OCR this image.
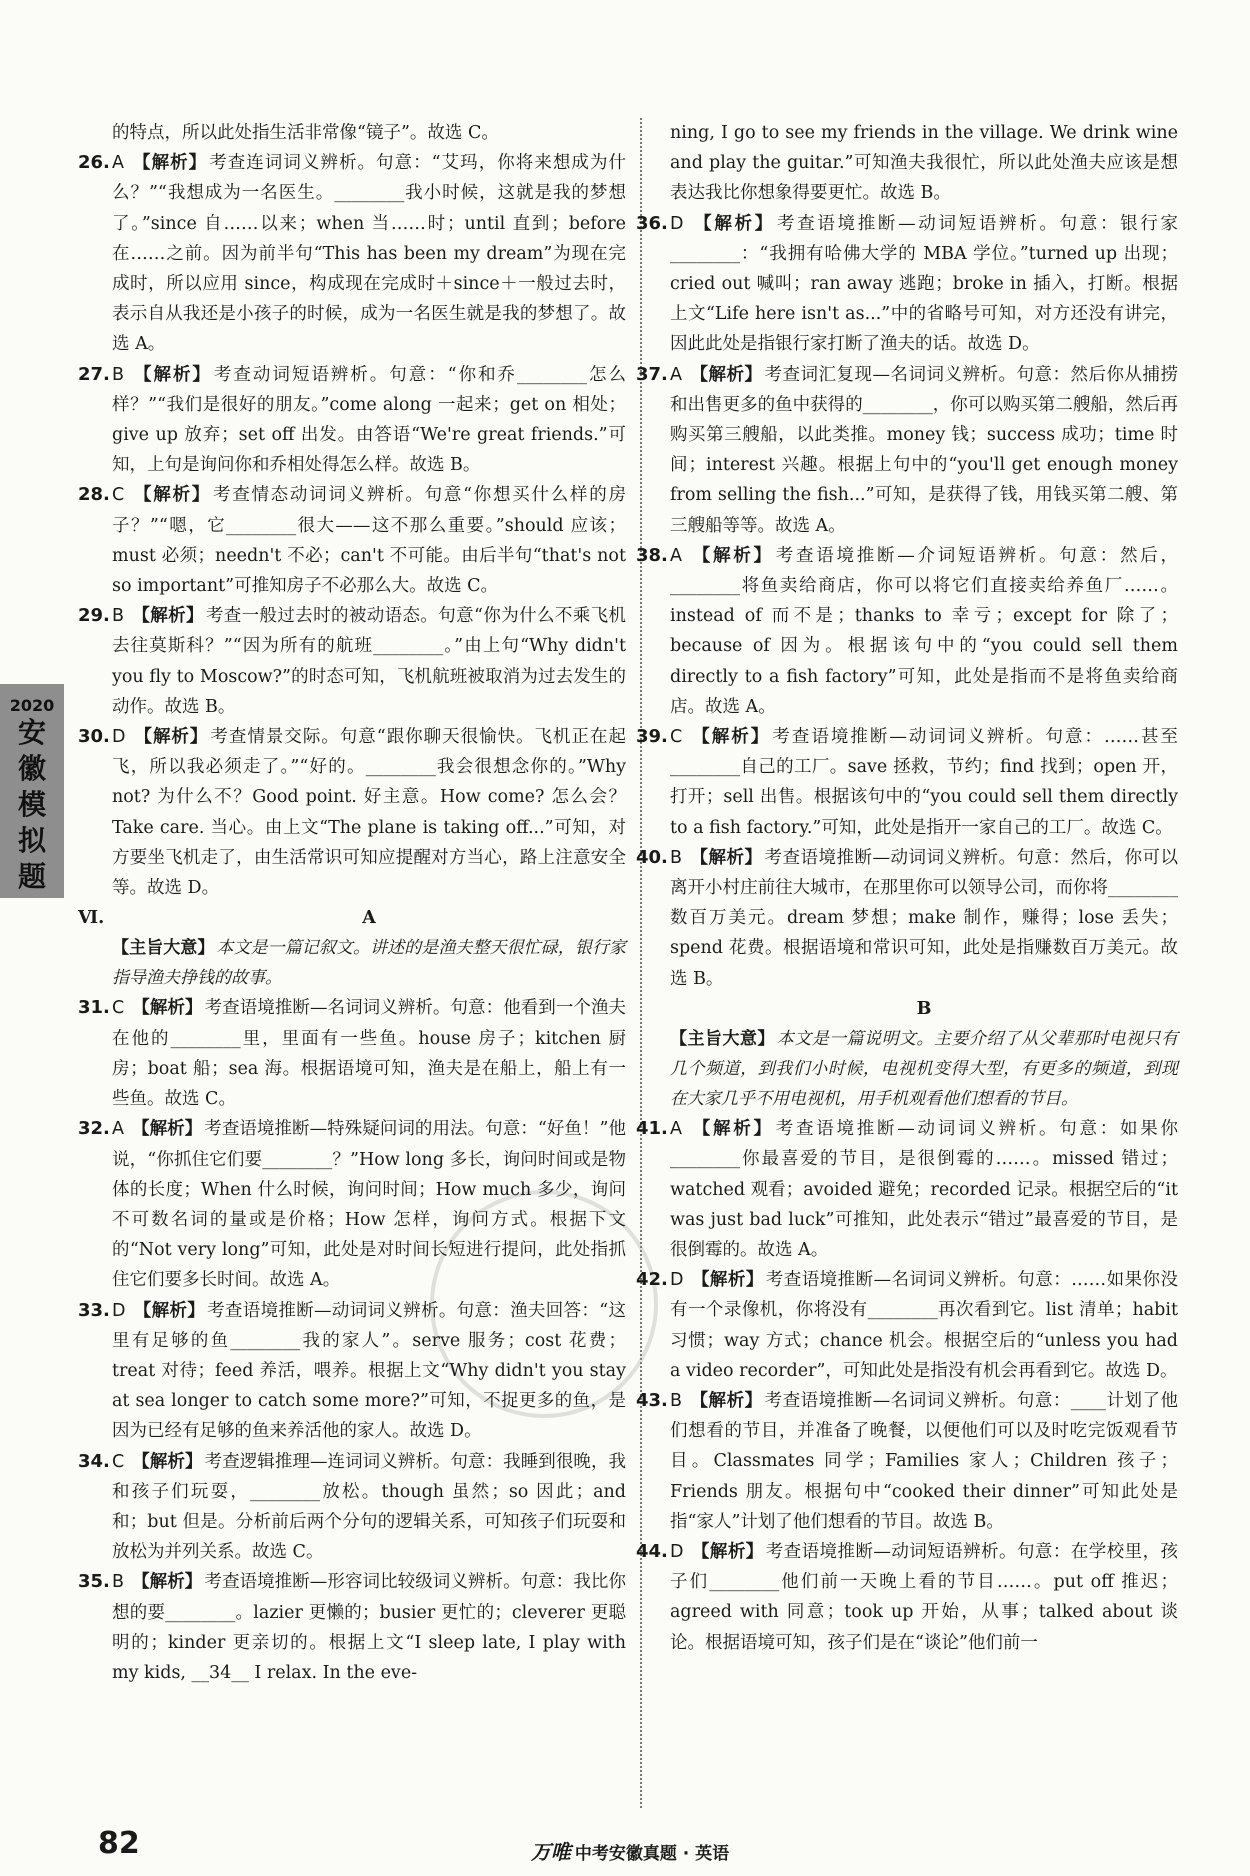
2020
安徽模拟题

的特点，所以此处指生活非常像“镜子”。故选 C。

26. A 【解析】 考查连词词义辨析。句意：“艾玛，你将来想成为什么？”“我想成为一名医生。________我小时候，这就是我的梦想了。”since 自……以来；when 当……时；until 直到；before 在……之前。因为前半句“This has been my dream”为现在完成时，所以应用 since，构成现在完成时＋since＋一般过去时，表示自从我还是小孩子的时候，成为一名医生就是我的梦想了。故选 A。

27. B 【解析】 考查动词短语辨析。句意：“你和乔________怎么样？”“我们是很好的朋友。”come along 一起来；get on 相处；give up 放弃；set off 出发。由答语“We're great friends.”可知，上句是询问你和乔相处得怎么样。故选 B。

28. C 【解析】 考查情态动词词义辨析。句意“你想买什么样的房子？”“嗯，它________很大——这不那么重要。”should 应该；must 必须；needn't 不必；can't 不可能。由后半句“that's not so important”可推知房子不必那么大。故选 C。

29. B 【解析】 考查一般过去时的被动语态。句意“你为什么不乘飞机去往莫斯科？”“因为所有的航班________。”由上句“Why didn't you fly to Moscow?”的时态可知，飞机航班被取消为过去发生的动作。故选 B。

30. D 【解析】 考查情景交际。句意“跟你聊天很愉快。飞机正在起飞，所以我必须走了。”“好的。________我会很想念你的。”Why not? 为什么不？Good point. 好主意。How come? 怎么会？Take care. 当心。由上文“The plane is taking off...”可知，对方要坐飞机走了，由生活常识可知应提醒对方当心，路上注意安全等。故选 D。

Ⅵ.	A

【主旨大意】 本文是一篇记叙文。讲述的是渔夫整天很忙碌，银行家指导渔夫挣钱的故事。

31. C 【解析】 考查语境推断—名词词义辨析。句意：他看到一个渔夫在他的________里，里面有一些鱼。house 房子；kitchen 厨房；boat 船；sea 海。根据语境可知，渔夫是在船上，船上有一些鱼。故选 C。

32. A 【解析】 考查语境推断—特殊疑问词的用法。句意：“好鱼！”他说，“你抓住它们要________？”How long 多长，询问时间或是物体的长度；When 什么时候，询问时间；How much 多少，询问不可数名词的量或是价格；How 怎样，询问方式。根据下文的“Not very long”可知，此处是对时间长短进行提问，此处指抓住它们要多长时间。故选 A。

33. D 【解析】 考查语境推断—动词词义辨析。句意：渔夫回答：“这里有足够的鱼________我的家人”。serve 服务；cost 花费；treat 对待；feed 养活，喂养。根据上文“Why didn't you stay at sea longer to catch some more?”可知，不捉更多的鱼，是因为已经有足够的鱼来养活他的家人。故选 D。

34. C 【解析】 考查逻辑推理—连词词义辨析。句意：我睡到很晚，我和孩子们玩耍，________放松。though 虽然；so 因此；and 和；but 但是。分析前后两个分句的逻辑关系，可知孩子们玩耍和放松为并列关系。故选 C。

35. B 【解析】 考查语境推断—形容词比较级词义辨析。句意：我比你想的要________。lazier 更懒的；busier 更忙的；cleverer 更聪明的；kinder 更亲切的。根据上文“I sleep late, I play with my kids, __34__ I relax. In the eve-

ning, I go to see my friends in the village. We drink wine and play the guitar.”可知渔夫我很忙，所以此处渔夫应该是想表达我比你想象得要更忙。故选 B。

36. D 【解析】 考查语境推断—动词短语辨析。句意：银行家________：“我拥有哈佛大学的 MBA 学位。”turned up 出现；cried out 喊叫；ran away 逃跑；broke in 插入，打断。根据上文“Life here isn't as...”中的省略号可知，对方还没有讲完，因此此处是指银行家打断了渔夫的话。故选 D。

37. A 【解析】 考查词汇复现—名词词义辨析。句意：然后你从捕捞和出售更多的鱼中获得的________，你可以购买第二艘船，然后再购买第三艘船，以此类推。money 钱；success 成功；time 时间；interest 兴趣。根据上句中的“you'll get enough money from selling the fish...”可知，是获得了钱，用钱买第二艘、第三艘船等等。故选 A。

38. A 【解析】 考查语境推断—介词短语辨析。句意：然后，________将鱼卖给商店，你可以将它们直接卖给养鱼厂……。instead of 而不是；thanks to 幸亏；except for 除了；because of 因为。根据该句中的“you could sell them directly to a fish factory”可知，此处是指而不是将鱼卖给商店。故选 A。

39. C 【解析】 考查语境推断—动词词义辨析。句意：……甚至________自己的工厂。save 拯救，节约；find 找到；open 开，打开；sell 出售。根据该句中的“you could sell them directly to a fish factory.”可知，此处是指开一家自己的工厂。故选 C。

40. B 【解析】 考查语境推断—动词词义辨析。句意：然后，你可以离开小村庄前往大城市，在那里你可以领导公司，而你将________数百万美元。dream 梦想；make 制作，赚得；lose 丢失；spend 花费。根据语境和常识可知，此处是指赚数百万美元。故选 B。

B

【主旨大意】 本文是一篇说明文。主要介绍了从父辈那时电视只有几个频道，到我们小时候，电视机变得大型，有更多的频道，到现在大家几乎不用电视机，用手机观看他们想看的节目。

41. A 【解析】 考查语境推断—动词词义辨析。句意：如果你________你最喜爱的节目，是很倒霉的……。missed 错过；watched 观看；avoided 避免；recorded 记录。根据空后的“it was just bad luck”可推知，此处表示“错过”最喜爱的节目，是很倒霉的。故选 A。

42. D 【解析】 考查语境推断—名词词义辨析。句意：……如果你没有一个录像机，你将没有________再次看到它。list 清单；habit 习惯；way 方式；chance 机会。根据空后的“unless you had a video recorder”，可知此处是指没有机会再看到它。故选 D。

43. B 【解析】 考查语境推断—名词词义辨析。句意：____计划了他们想看的节目，并准备了晚餐，以便他们可以及时吃完饭观看节目。Classmates 同学；Families 家人；Children 孩子；Friends 朋友。根据句中“cooked their dinner”可知此处是指“家人”计划了他们想看的节目。故选 B。

44. D 【解析】 考查语境推断—动词短语辨析。句意：在学校里，孩子们________他们前一天晚上看的节目……。put off 推迟；agreed with 同意；took up 开始，从事；talked about 谈论。根据语境可知，孩子们是在“谈论”他们前一

82	万唯 中考安徽真题 · 英语
